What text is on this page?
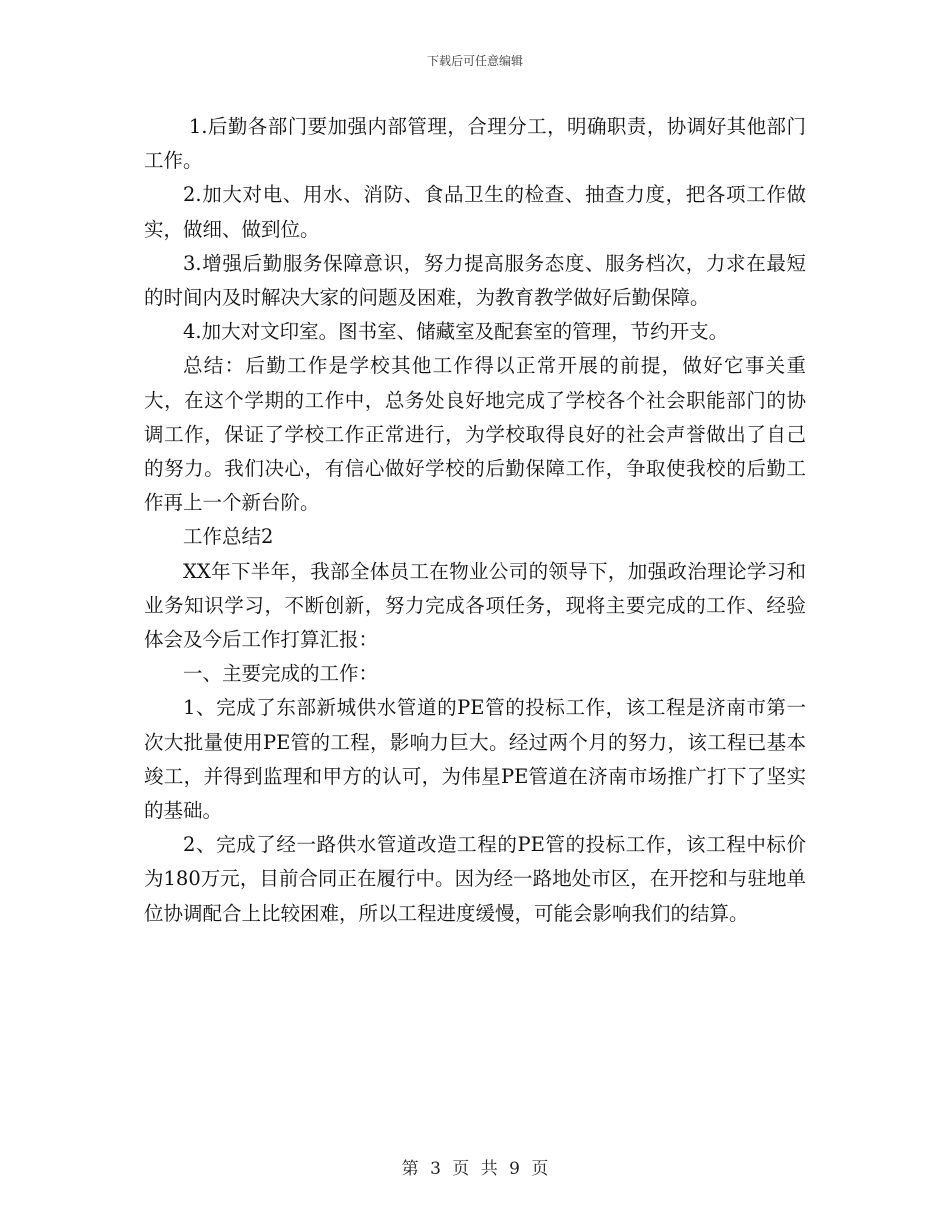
下载后可任意编辑

1.后勤各部门要加强内部管理，合理分工，明确职责，协调好其他部门工作。

2.加大对电、用水、消防、食品卫生的检查、抽查力度，把各项工作做实，做细、做到位。

3.增强后勤服务保障意识，努力提高服务态度、服务档次，力求在最短的时间内及时解决大家的问题及困难，为教育教学做好后勤保障。

4.加大对文印室。图书室、储藏室及配套室的管理，节约开支。

总结：后勤工作是学校其他工作得以正常开展的前提，做好它事关重大，在这个学期的工作中，总务处良好地完成了学校各个社会职能部门的协调工作，保证了学校工作正常进行，为学校取得良好的社会声誉做出了自己的努力。我们决心，有信心做好学校的后勤保障工作，争取使我校的后勤工作再上一个新台阶。

工作总结2

XX年下半年，我部全体员工在物业公司的领导下，加强政治理论学习和业务知识学习，不断创新，努力完成各项任务，现将主要完成的工作、经验体会及今后工作打算汇报：

一、主要完成的工作：

1、完成了东部新城供水管道的PE管的投标工作，该工程是济南市第一次大批量使用PE管的工程，影响力巨大。经过两个月的努力，该工程已基本竣工，并得到监理和甲方的认可，为伟星PE管道在济南市场推广打下了坚实的基础。

2、完成了经一路供水管道改造工程的PE管的投标工作，该工程中标价为180万元，目前合同正在履行中。因为经一路地处市区，在开挖和与驻地单位协调配合上比较困难，所以工程进度缓慢，可能会影响我们的结算。

第 3 页 共 9 页
